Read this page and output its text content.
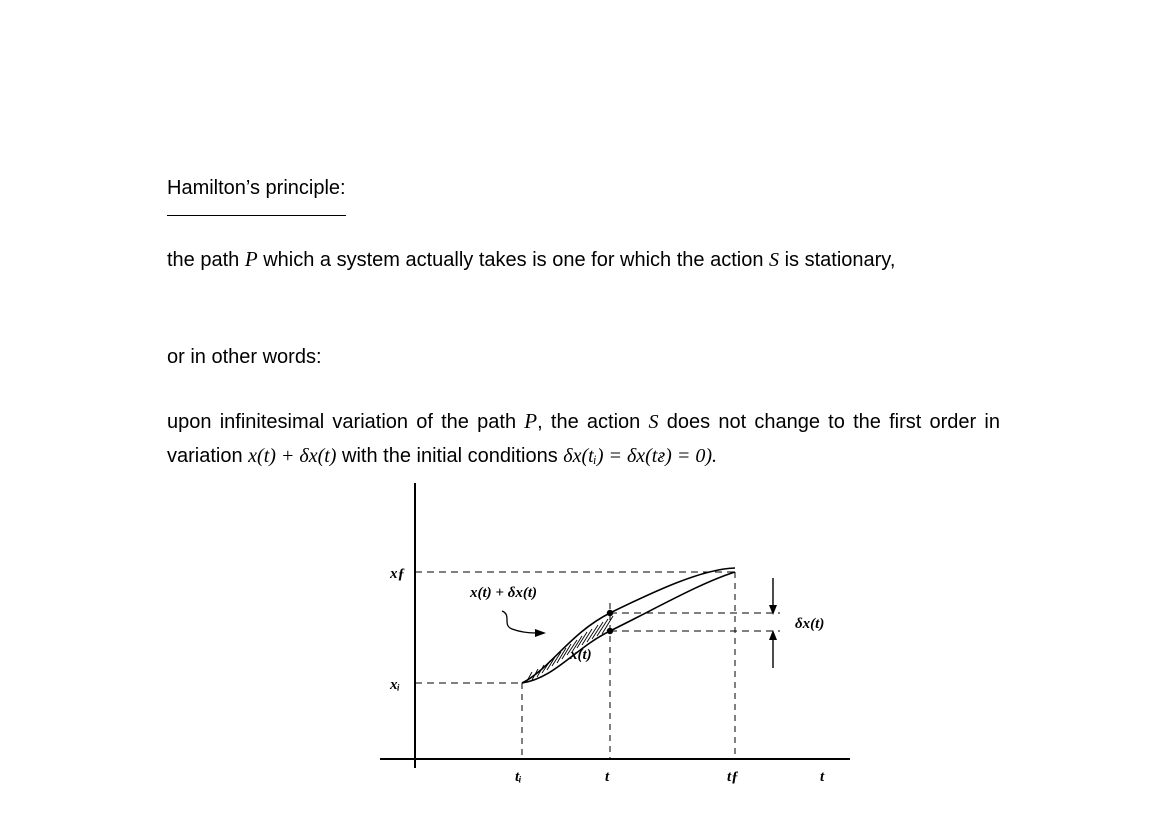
Hamilton’s principle:
the path P which a system actually takes is one for which the action S is stationary,
or in other words:
upon infinitesimal variation of the path P, the action S does not change to the first order in variation x(t) + δx(t) with the initial conditions δx(tᵢ) = δx(tғ) = 0).
xƒ
xᵢ
tᵢ	t	tƒ	t
x(t) + δx(t)
x(t)
δx(t)
